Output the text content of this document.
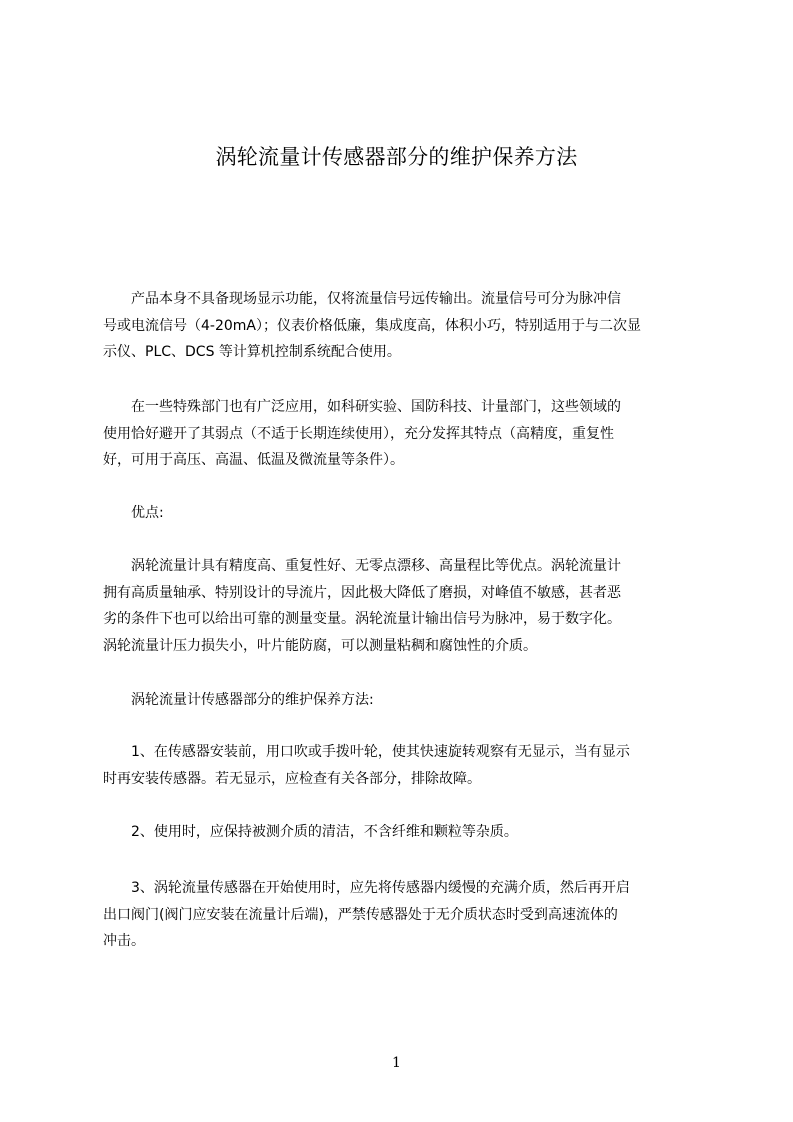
涡轮流量计传感器部分的维护保养方法
　　产品本身不具备现场显示功能，仅将流量信号远传输出。流量信号可分为脉冲信
号或电流信号（4-20mA）；仪表价格低廉，集成度高，体积小巧，特别适用于与二次显
示仪、PLC、DCS 等计算机控制系统配合使用。
　　在一些特殊部门也有广泛应用，如科研实验、国防科技、计量部门，这些领域的
使用恰好避开了其弱点（不适于长期连续使用），充分发挥其特点（高精度，重复性
好，可用于高压、高温、低温及微流量等条件）。
　　优点:
　　涡轮流量计具有精度高、重复性好、无零点漂移、高量程比等优点。涡轮流量计
拥有高质量轴承、特别设计的导流片，因此极大降低了磨损，对峰值不敏感，甚者恶
劣的条件下也可以给出可靠的测量变量。涡轮流量计输出信号为脉冲，易于数字化。
涡轮流量计压力损失小，叶片能防腐，可以测量粘稠和腐蚀性的介质。
　　涡轮流量计传感器部分的维护保养方法:
　　1、在传感器安装前，用口吹或手拨叶轮，使其快速旋转观察有无显示，当有显示
时再安装传感器。若无显示，应检查有关各部分，排除故障。
　　2、使用时，应保持被测介质的清洁，不含纤维和颗粒等杂质。
　　3、涡轮流量传感器在开始使用时，应先将传感器内缓慢的充满介质，然后再开启
出口阀门(阀门应安装在流量计后端)，严禁传感器处于无介质状态时受到高速流体的
冲击。
1
